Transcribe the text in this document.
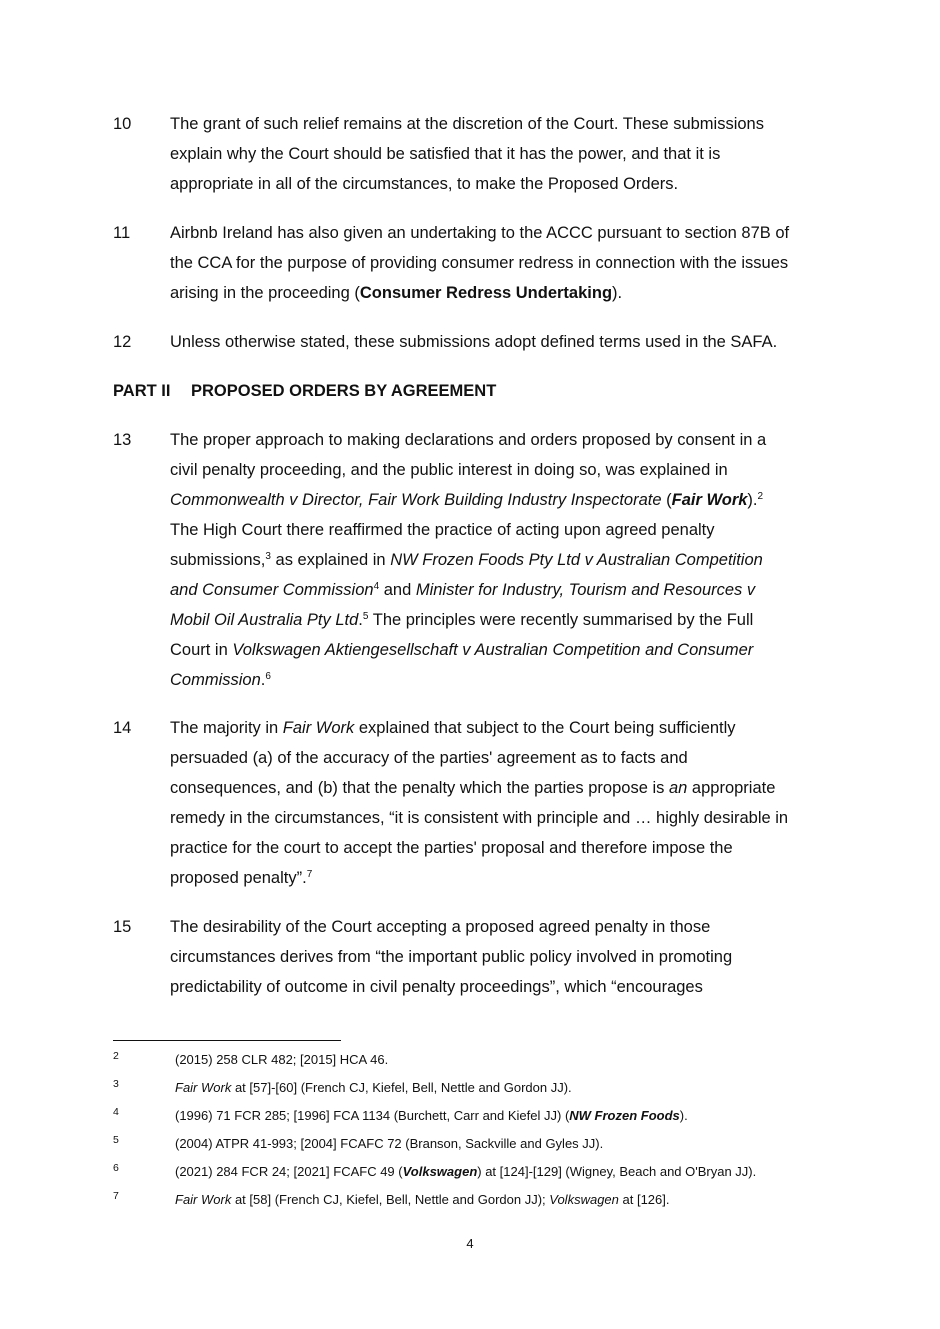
10	The grant of such relief remains at the discretion of the Court. These submissions
explain why the Court should be satisfied that it has the power, and that it is
appropriate in all of the circumstances, to make the Proposed Orders.
11	Airbnb Ireland has also given an undertaking to the ACCC pursuant to section 87B of
the CCA for the purpose of providing consumer redress in connection with the issues
arising in the proceeding (Consumer Redress Undertaking).
12	Unless otherwise stated, these submissions adopt defined terms used in the SAFA.
PART II PROPOSED ORDERS BY AGREEMENT
13	The proper approach to making declarations and orders proposed by consent in a
civil penalty proceeding, and the public interest in doing so, was explained in
Commonwealth v Director, Fair Work Building Industry Inspectorate (Fair Work).$^2$
The High Court there reaffirmed the practice of acting upon agreed penalty
submissions,$^3$ as explained in NW Frozen Foods Pty Ltd v Australian Competition
and Consumer Commission$^4$ and Minister for Industry, Tourism and Resources v
Mobil Oil Australia Pty Ltd.$^5$ The principles were recently summarised by the Full
Court in Volkswagen Aktiengesellschaft v Australian Competition and Consumer
Commission.$^6$
14	The majority in Fair Work explained that subject to the Court being sufficiently
persuaded (a) of the accuracy of the parties' agreement as to facts and
consequences, and (b) that the penalty which the parties propose is an appropriate
remedy in the circumstances, “it is consistent with principle and … highly desirable in
practice for the court to accept the parties' proposal and therefore impose the
proposed penalty”.$^7$
15	The desirability of the Court accepting a proposed agreed penalty in those
circumstances derives from “the important public policy involved in promoting
predictability of outcome in civil penalty proceedings”, which “encourages
2	(2015) 258 CLR 482; [2015] HCA 46.
3	Fair Work at [57]-[60] (French CJ, Kiefel, Bell, Nettle and Gordon JJ).
4	(1996) 71 FCR 285; [1996] FCA 1134 (Burchett, Carr and Kiefel JJ) (NW Frozen Foods).
5	(2004) ATPR 41-993; [2004] FCAFC 72 (Branson, Sackville and Gyles JJ).
6	(2021) 284 FCR 24; [2021] FCAFC 49 (Volkswagen) at [124]-[129] (Wigney, Beach and O'Bryan JJ).
7	Fair Work at [58] (French CJ, Kiefel, Bell, Nettle and Gordon JJ); Volkswagen at [126].
4
